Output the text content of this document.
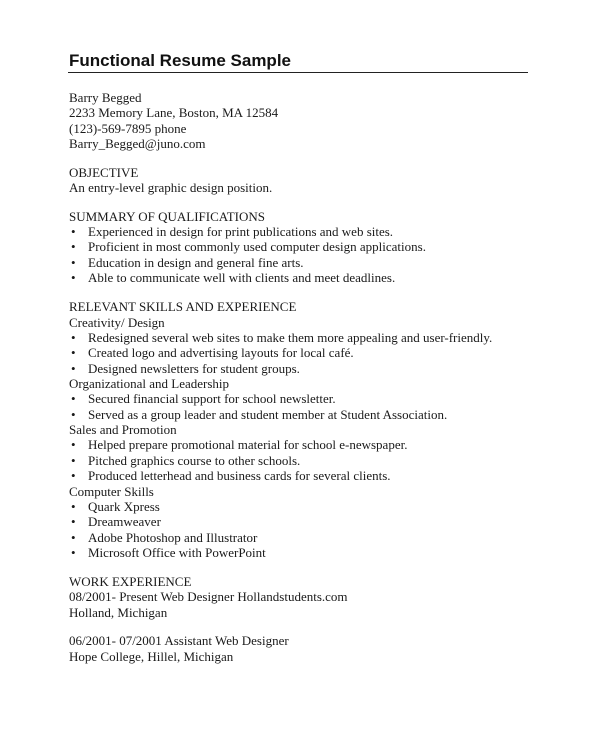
Functional Resume Sample
Barry Begged
2233 Memory Lane, Boston, MA 12584
(123)-569-7895 phone
Barry_Begged@juno.com
OBJECTIVE
An entry-level graphic design position.
SUMMARY OF QUALIFICATIONS
• Experienced in design for print publications and web sites.
• Proficient in most commonly used computer design applications.
• Education in design and general fine arts.
• Able to communicate well with clients and meet deadlines.
RELEVANT SKILLS AND EXPERIENCE
Creativity/ Design
• Redesigned several web sites to make them more appealing and user-friendly.
• Created logo and advertising layouts for local café.
• Designed newsletters for student groups.
Organizational and Leadership
• Secured financial support for school newsletter.
• Served as a group leader and student member at Student Association.
Sales and Promotion
• Helped prepare promotional material for school e-newspaper.
• Pitched graphics course to other schools.
• Produced letterhead and business cards for several clients.
Computer Skills
• Quark Xpress
• Dreamweaver
• Adobe Photoshop and Illustrator
• Microsoft Office with PowerPoint
WORK EXPERIENCE
08/2001- Present Web Designer Hollandstudents.com
Holland, Michigan
06/2001- 07/2001 Assistant Web Designer
Hope College, Hillel, Michigan
